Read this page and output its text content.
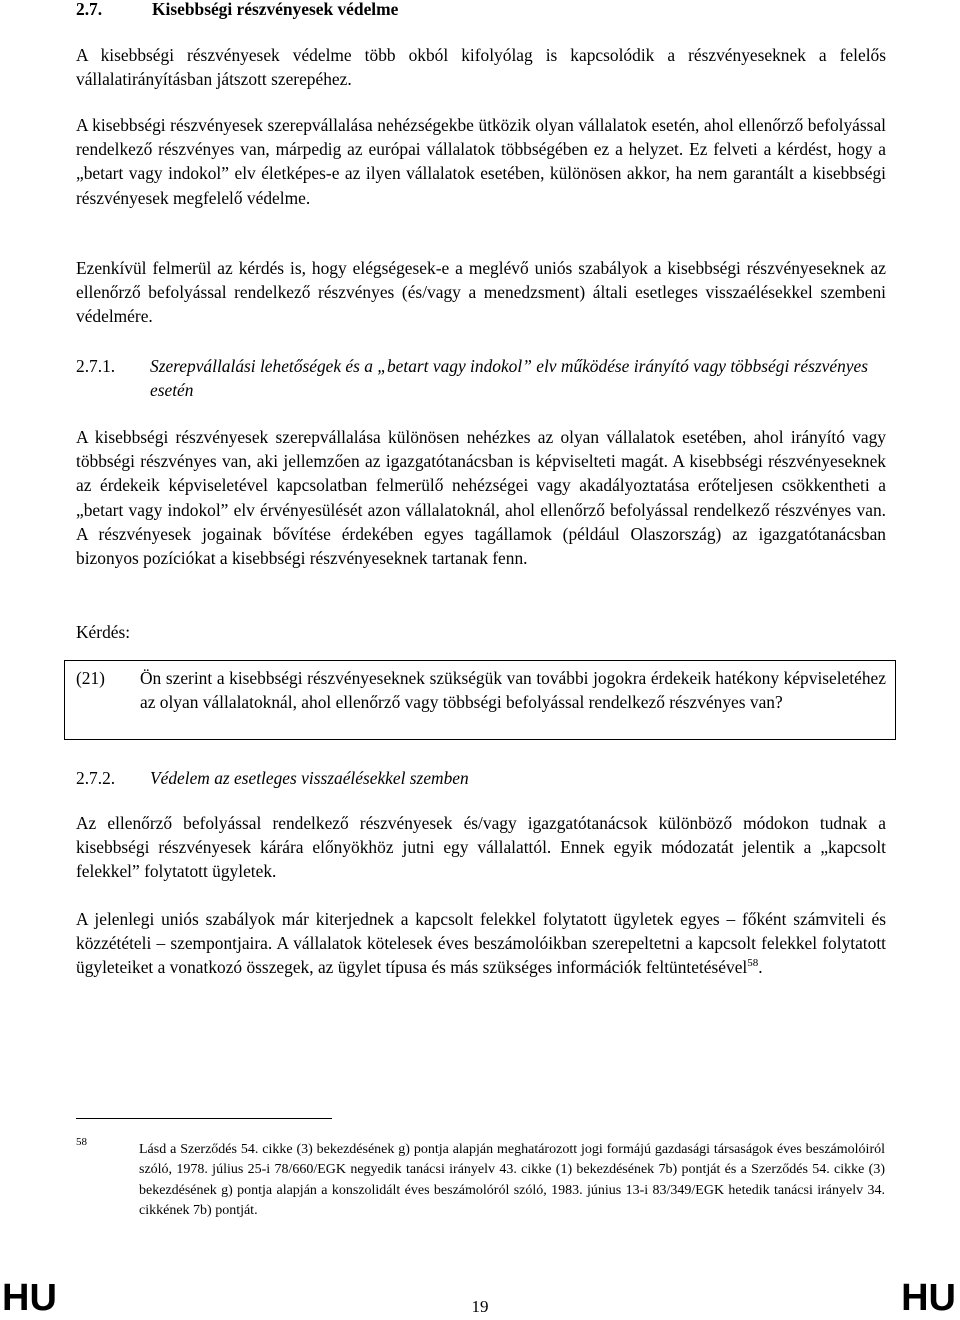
2.7.	Kisebbségi részvényesek védelme

A kisebbségi részvényesek védelme több okból kifolyólag is kapcsolódik a részvényeseknek a felelős vállalatirányításban játszott szerepéhez.

A kisebbségi részvényesek szerepvállalása nehézségekbe ütközik olyan vállalatok esetén, ahol ellenőrző befolyással rendelkező részvényes van, márpedig az európai vállalatok többségében ez a helyzet. Ez felveti a kérdést, hogy a „betart vagy indokol” elv életképes-e az ilyen vállalatok esetében, különösen akkor, ha nem garantált a kisebbségi részvényesek megfelelő védelme.

Ezenkívül felmerül az kérdés is, hogy elégségesek-e a meglévő uniós szabályok a kisebbségi részvényeseknek az ellenőrző befolyással rendelkező részvényes (és/vagy a menedzsment) általi esetleges visszaélésekkel szembeni védelmére.

2.7.1. Szerepvállalási lehetőségek és a „betart vagy indokol” elv működése irányító vagy többségi részvényes esetén

A kisebbségi részvényesek szerepvállalása különösen nehézkes az olyan vállalatok esetében, ahol irányító vagy többségi részvényes van, aki jellemzően az igazgatótanácsban is képviselteti magát. A kisebbségi részvényeseknek az érdekeik képviseletével kapcsolatban felmerülő nehézségei vagy akadályoztatása erőteljesen csökkentheti a „betart vagy indokol” elv érvényesülését azon vállalatoknál, ahol ellenőrző befolyással rendelkező részvényes van. A részvényesek jogainak bővítése érdekében egyes tagállamok (például Olaszország) az igazgatótanácsban bizonyos pozíciókat a kisebbségi részvényeseknek tartanak fenn.

Kérdés:

(21) Ön szerint a kisebbségi részvényeseknek szükségük van további jogokra érdekeik hatékony képviseletéhez az olyan vállalatoknál, ahol ellenőrző vagy többségi befolyással rendelkező részvényes van?
2.7.2. Védelem az esetleges visszaélésekkel szemben

Az ellenőrző befolyással rendelkező részvényesek és/vagy igazgatótanácsok különböző módokon tudnak a kisebbségi részvényesek kárára előnyökhöz jutni egy vállalattól. Ennek egyik módozatát jelentik a „kapcsolt felekkel” folytatott ügyletek.

A jelenlegi uniós szabályok már kiterjednek a kapcsolt felekkel folytatott ügyletek egyes – főként számviteli és közzétételi – szempontjaira. A vállalatok kötelesek éves beszámolóikban szerepeltetni a kapcsolt felekkel folytatott ügyleteiket a vonatkozó összegek, az ügylet típusa és más szükséges információk feltüntetésével$^{58}$.

58	Lásd a Szerződés 54. cikke (3) bekezdésének g) pontja alapján meghatározott jogi formájú gazdasági társaságok éves beszámolóiról szóló, 1978. július 25-i 78/660/EGK negyedik tanácsi irányelv 43. cikke (1) bekezdésének 7b) pontját és a Szerződés 54. cikke (3) bekezdésének g) pontja alapján a konszolidált éves beszámolóról szóló, 1983. június 13-i 83/349/EGK hetedik tanácsi irányelv 34. cikkének 7b) pontját.
HU	HU
19
